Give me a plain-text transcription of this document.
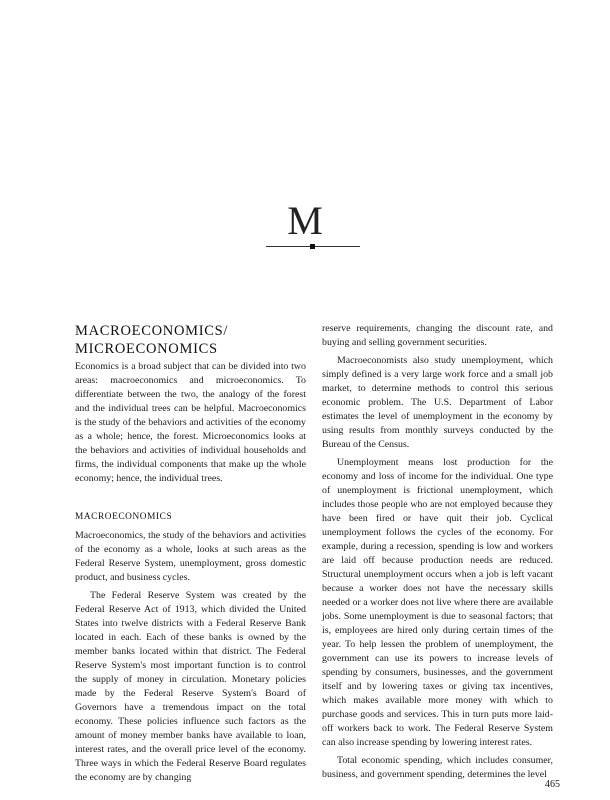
M
MACROECONOMICS/
MICROECONOMICS

Economics is a broad subject that can be divided into two areas: macroeconomics and microeconomics. To differentiate between the two, the analogy of the forest and the individual trees can be helpful. Macroeconomics is the study of the behaviors and activities of the economy as a whole; hence, the forest. Microeconomics looks at the behaviors and activities of individual households and firms, the individual components that make up the whole economy; hence, the individual trees.

MACROECONOMICS

Macroeconomics, the study of the behaviors and activities of the economy as a whole, looks at such areas as the Federal Reserve System, unemployment, gross domestic product, and business cycles.

The Federal Reserve System was created by the Federal Reserve Act of 1913, which divided the United States into twelve districts with a Federal Reserve Bank located in each. Each of these banks is owned by the member banks located within that district. The Federal Reserve System's most important function is to control the supply of money in circulation. Monetary policies made by the Federal Reserve System's Board of Governors have a tremendous impact on the total economy. These policies influence such factors as the amount of money member banks have available to loan, interest rates, and the overall price level of the economy. Three ways in which the Federal Reserve Board regulates the economy are by changing

reserve requirements, changing the discount rate, and buying and selling government securities.

Macroeconomists also study unemployment, which simply defined is a very large work force and a small job market, to determine methods to control this serious economic problem. The U.S. Department of Labor estimates the level of unemployment in the economy by using results from monthly surveys conducted by the Bureau of the Census.

Unemployment means lost production for the economy and loss of income for the individual. One type of unemployment is frictional unemployment, which includes those people who are not employed because they have been fired or have quit their job. Cyclical unemployment follows the cycles of the economy. For example, during a recession, spending is low and workers are laid off because production needs are reduced. Structural unemployment occurs when a job is left vacant because a worker does not have the necessary skills needed or a worker does not live where there are available jobs. Some unemployment is due to seasonal factors; that is, employees are hired only during certain times of the year. To help lessen the problem of unemployment, the government can use its powers to increase levels of spending by consumers, businesses, and the government itself and by lowering taxes or giving tax incentives, which makes available more money with which to purchase goods and services. This in turn puts more laid-off workers back to work. The Federal Reserve System can also increase spending by lowering interest rates.

Total economic spending, which includes consumer, business, and government spending, determines the level

465
